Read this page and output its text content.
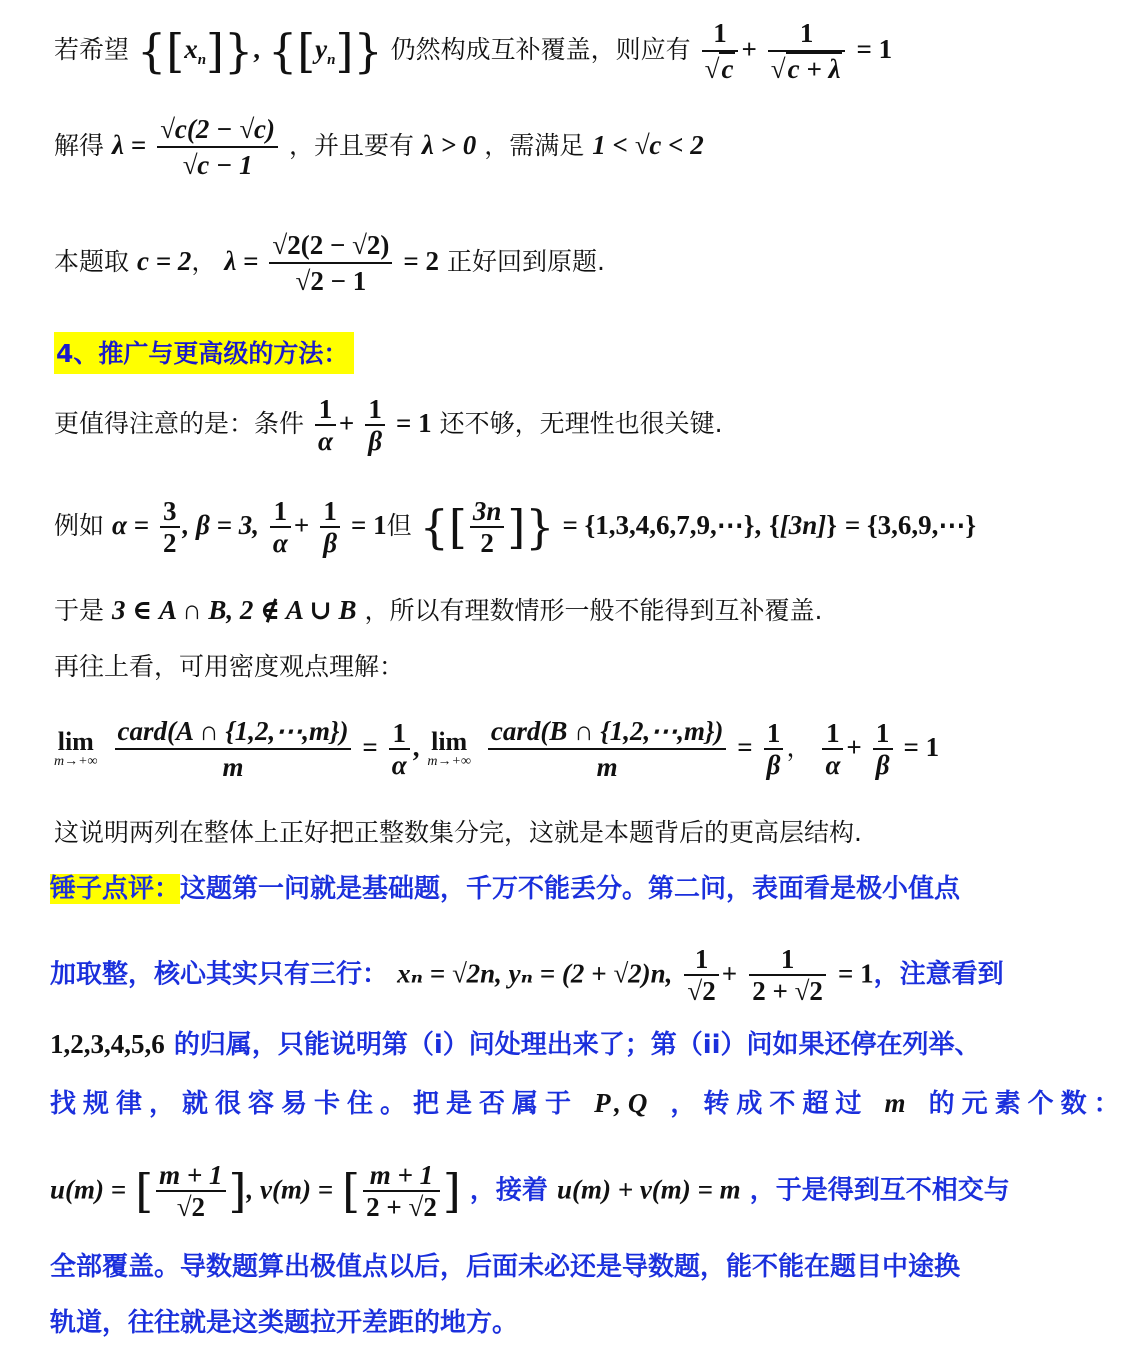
若希望 $\{[x_n]\}$, $\{[y_n]\}$ 仍然构成互补覆盖，则应有 $\frac{1}{√c} + \frac{1}{√c + \lambda} = 1$
解得 $\lambda = \frac{√c(2 - √c)}{√c - 1}$ ，并且要有 λ > 0 ，需满足 1 < √c < 2
本题取 c = 2， $\lambda = \frac{√2(2 - √2)}{√2 - 1} = 2$ 正好回到原题.
4、推广与更高级的方法：
更值得注意的是：条件 $\frac{1}{\alpha} + \frac{1}{\beta} = 1$ 还不够，无理性也很关键.
例如 $\alpha = \frac{3}{2}$ , β = 3, $\frac{1}{\alpha} + \frac{1}{\beta} = 1$但 {[ $\frac{3n}{2}$ ]} = {1,3,4,6,7,9,⋯}, {[3n]} = {3,6,9,⋯}
于是 3 ∈ A ∩ B, 2 ∉ A ∪ B ，所以有理数情形一般不能得到互补覆盖.
再往上看，可用密度观点理解：
lim
m→+∞
$\frac{\text{card(A ∩ \{1,2,⋯,m\})}}{m} = \frac{1}{\alpha}$ , lim
m→+∞
$\frac{\text{card(B ∩ \{1,2,⋯,m\})}}{m} = \frac{1}{\beta}$ ， $\frac{1}{\alpha} + \frac{1}{\beta} = 1$
这说明两列在整体上正好把正整数集分完，这就是本题背后的更高层结构.
锤子点评：这题第一问就是基础题，千万不能丢分。第二问，表面看是极小值点
加取整，核心其实只有三行： xₙ = √2n, yₙ = (2 + √2)n, $\frac{1}{√2} + \frac{1}{2 + √2} = 1$，注意看到
1,2,3,4,5,6 的归属，只能说明第（i）问处理出来了；第（ii）问如果还停在列举、
找规律，就很容易卡住。把是否属于 P,Q ，转成不超过 m 的元素个数：
u(m) = [ $\frac{m + 1}{√2}$ ], v(m) = [ $\frac{m + 1}{2 + √2}$ ] ，接着 u(m) + v(m) = m ，于是得到互不相交与
全部覆盖。导数题算出极值点以后，后面未必还是导数题，能不能在题目中途换
轨道，往往就是这类题拉开差距的地方。
